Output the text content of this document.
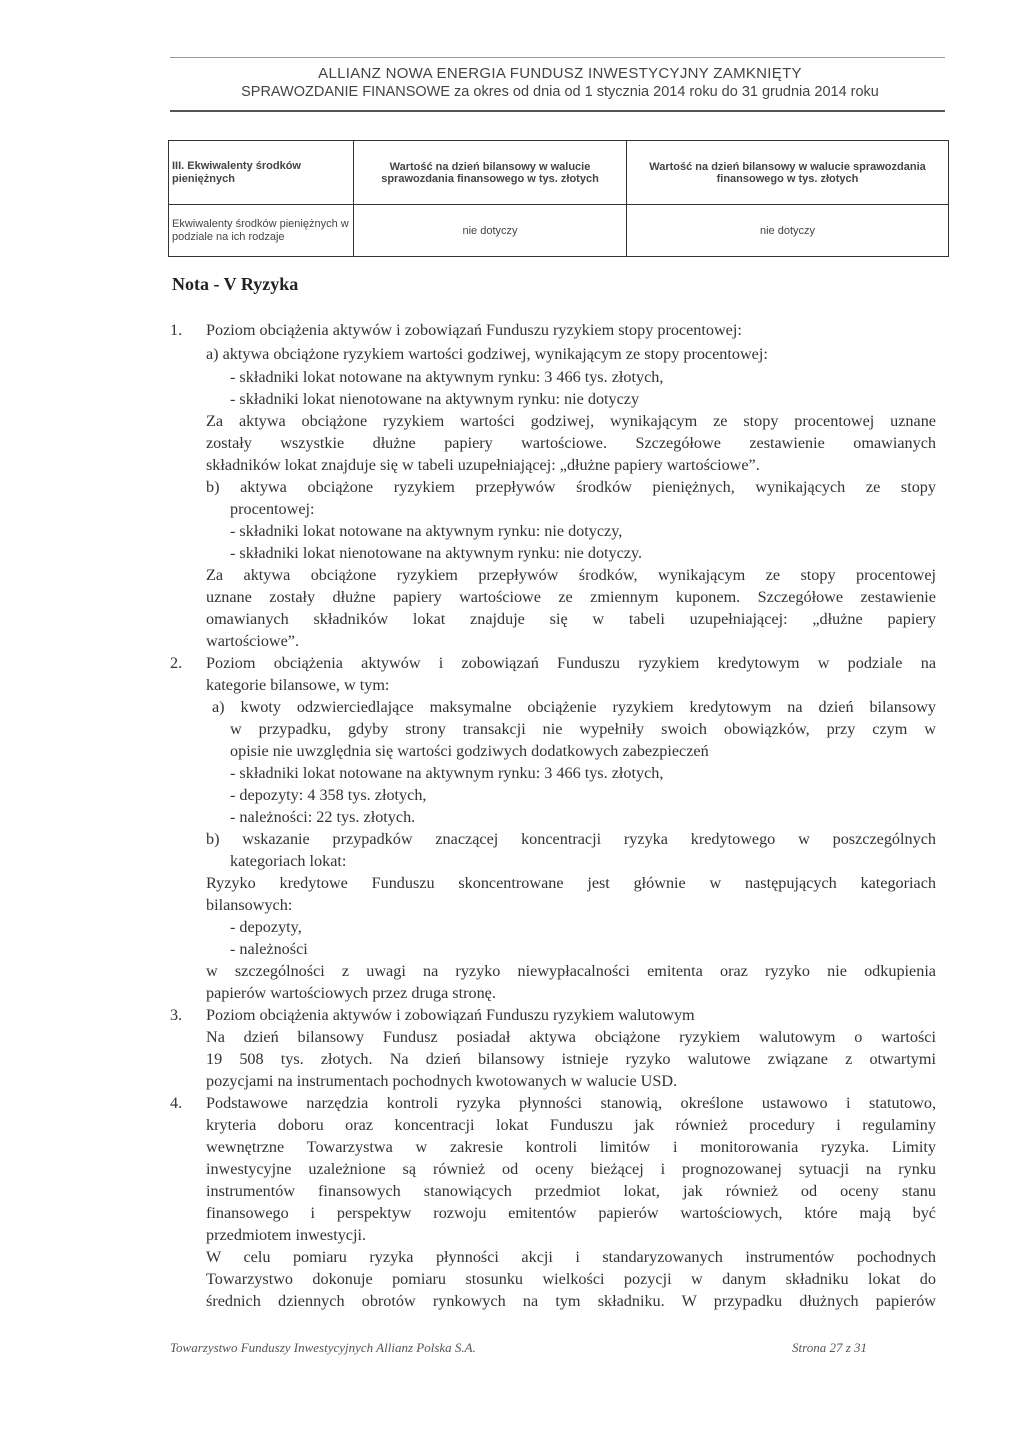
ALLIANZ NOWA ENERGIA FUNDUSZ INWESTYCYJNY ZAMKNIĘTY
SPRAWOZDANIE FINANSOWE za okres od dnia od 1 stycznia 2014 roku do 31 grudnia 2014 roku
III. Ekwiwalenty środków pieniężnych	Wartość na dzień bilansowy w walucie sprawozdania finansowego w tys. złotych	Wartość na dzień bilansowy w walucie sprawozdania finansowego w tys. złotych
Ekwiwalenty środków pieniężnych w podziale na ich rodzaje	nie dotyczy	nie dotyczy
Nota - V Ryzyka
1. Poziom obciążenia aktywów i zobowiązań Funduszu ryzykiem stopy procentowej:
a) aktywa obciążone ryzykiem wartości godziwej, wynikającym ze stopy procentowej:
- składniki lokat notowane na aktywnym rynku: 3 466 tys. złotych,
- składniki lokat nienotowane na aktywnym rynku: nie dotyczy
Za aktywa obciążone ryzykiem wartości godziwej, wynikającym ze stopy procentowej uznane
zostały wszystkie dłużne papiery wartościowe. Szczegółowe zestawienie omawianych
składników lokat znajduje się w tabeli uzupełniającej: „dłużne papiery wartościowe”.
b) aktywa obciążone ryzykiem przepływów środków pieniężnych, wynikających ze stopy
procentowej:
- składniki lokat notowane na aktywnym rynku: nie dotyczy,
- składniki lokat nienotowane na aktywnym rynku: nie dotyczy.
Za aktywa obciążone ryzykiem przepływów środków, wynikającym ze stopy procentowej
uznane zostały dłużne papiery wartościowe ze zmiennym kuponem. Szczegółowe zestawienie
omawianych składników lokat znajduje się w tabeli uzupełniającej: „dłużne papiery
wartościowe”.
2. Poziom obciążenia aktywów i zobowiązań Funduszu ryzykiem kredytowym w podziale na
kategorie bilansowe, w tym:
a) kwoty odzwierciedlające maksymalne obciążenie ryzykiem kredytowym na dzień bilansowy
w przypadku, gdyby strony transakcji nie wypełniły swoich obowiązków, przy czym w
opisie nie uwzględnia się wartości godziwych dodatkowych zabezpieczeń
- składniki lokat notowane na aktywnym rynku: 3 466 tys. złotych,
- depozyty: 4 358 tys. złotych,
- należności: 22 tys. złotych.
b) wskazanie przypadków znaczącej koncentracji ryzyka kredytowego w poszczególnych
kategoriach lokat:
Ryzyko kredytowe Funduszu skoncentrowane jest głównie w następujących kategoriach
bilansowych:
- depozyty,
- należności
w szczególności z uwagi na ryzyko niewypłacalności emitenta oraz ryzyko nie odkupienia
papierów wartościowych przez druga stronę.
3. Poziom obciążenia aktywów i zobowiązań Funduszu ryzykiem walutowym
Na dzień bilansowy Fundusz posiadał aktywa obciążone ryzykiem walutowym o wartości
19 508 tys. złotych. Na dzień bilansowy istnieje ryzyko walutowe związane z otwartymi
pozycjami na instrumentach pochodnych kwotowanych w walucie USD.
4. Podstawowe narzędzia kontroli ryzyka płynności stanowią, określone ustawowo i statutowo,
kryteria doboru oraz koncentracji lokat Funduszu jak również procedury i regulaminy
wewnętrzne Towarzystwa w zakresie kontroli limitów i monitorowania ryzyka. Limity
inwestycyjne uzależnione są również od oceny bieżącej i prognozowanej sytuacji na rynku
instrumentów finansowych stanowiących przedmiot lokat, jak również od oceny stanu
finansowego i perspektyw rozwoju emitentów papierów wartościowych, które mają być
przedmiotem inwestycji.
W celu pomiaru ryzyka płynności akcji i standaryzowanych instrumentów pochodnych
Towarzystwo dokonuje pomiaru stosunku wielkości pozycji w danym składniku lokat do
średnich dziennych obrotów rynkowych na tym składniku. W przypadku dłużnych papierów
Towarzystwo Funduszy Inwestycyjnych Allianz Polska S.A.	Strona 27 z 31
